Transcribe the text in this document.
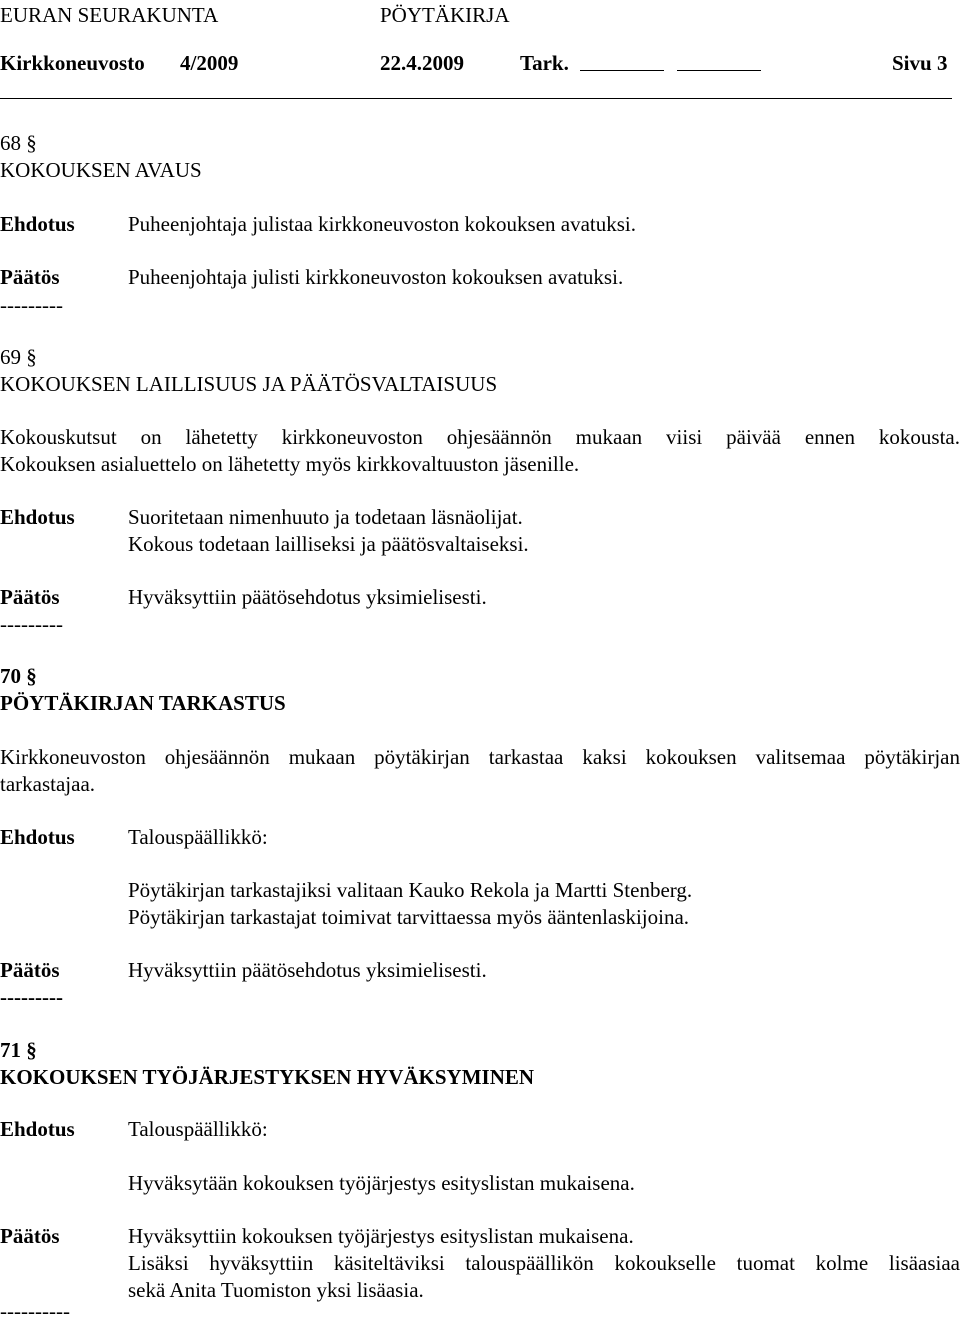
EURAN SEURAKUNTA	PÖYTÄKIRJA
Kirkkoneuvosto 4/2009	22.4.2009	Tark.
	Sivu 3
68 §
KOKOUKSEN AVAUS
Ehdotus	Puheenjohtaja julistaa kirkkoneuvoston kokouksen avatuksi.
Päätös	Puheenjohtaja julisti kirkkoneuvoston kokouksen avatuksi.
---------
69 §
KOKOUKSEN LAILLISUUS JA PÄÄTÖSVALTAISUUS
Kokouskutsut on lähetetty kirkkoneuvoston ohjesäännön mukaan viisi päivää ennen kokousta.
Kokouksen asialuettelo on lähetetty myös kirkkovaltuuston jäsenille.
Ehdotus	Suoritetaan nimenhuuto ja todetaan läsnäolijat.
Kokous todetaan lailliseksi ja päätösvaltaiseksi.
Päätös	Hyväksyttiin päätösehdotus yksimielisesti.
---------
70 §
PÖYTÄKIRJAN TARKASTUS
Kirkkoneuvoston ohjesäännön mukaan pöytäkirjan tarkastaa kaksi kokouksen valitsemaa pöytäkirjan
tarkastajaa.
Ehdotus	Talouspäällikkö:
Pöytäkirjan tarkastajiksi valitaan Kauko Rekola ja Martti Stenberg.
Pöytäkirjan tarkastajat toimivat tarvittaessa myös ääntenlaskijoina.
Päätös	Hyväksyttiin päätösehdotus yksimielisesti.
---------
71 §
KOKOUKSEN TYÖJÄRJESTYKSEN HYVÄKSYMINEN
Ehdotus	Talouspäällikkö:
Hyväksytään kokouksen työjärjestys esityslistan mukaisena.
Päätös	Hyväksyttiin kokouksen työjärjestys esityslistan mukaisena.
Lisäksi hyväksyttiin käsiteltäviksi talouspäällikön kokoukselle tuomat kolme lisäasiaa
sekä Anita Tuomiston yksi lisäasia.
----------
